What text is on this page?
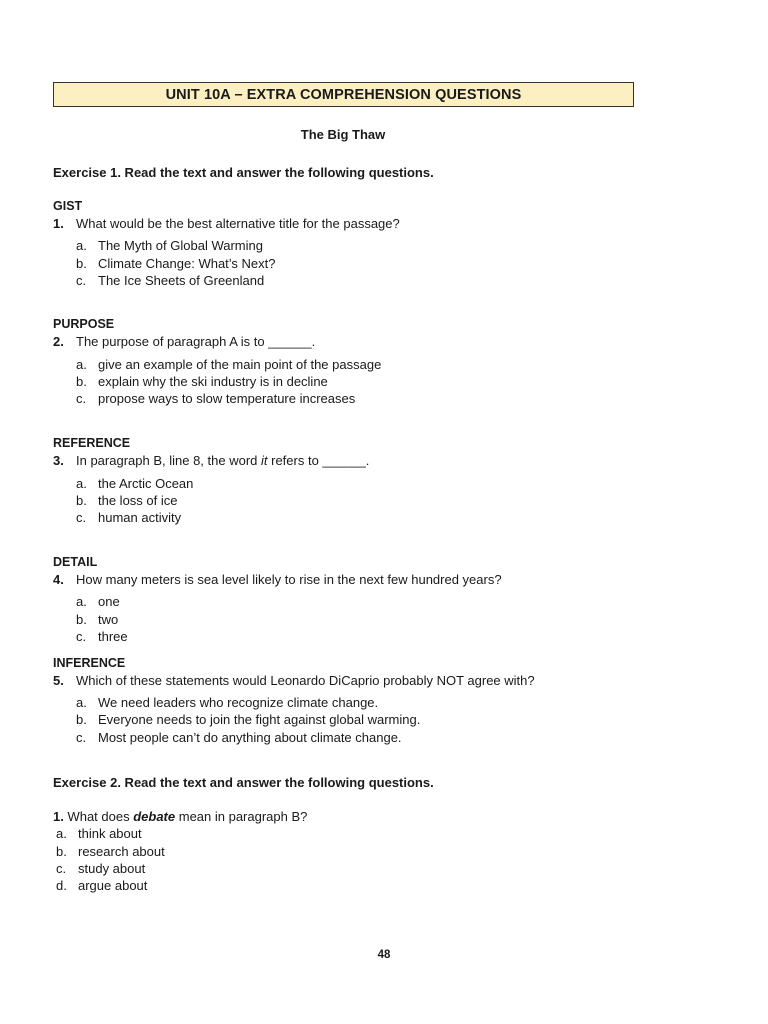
UNIT 10A – EXTRA COMPREHENSION QUESTIONS
The Big Thaw
Exercise 1. Read the text and answer the following questions.
GIST
1. What would be the best alternative title for the passage?
a. The Myth of Global Warming
b. Climate Change: What’s Next?
c. The Ice Sheets of Greenland
PURPOSE
2. The purpose of paragraph A is to ______.
a. give an example of the main point of the passage
b. explain why the ski industry is in decline
c. propose ways to slow temperature increases
REFERENCE
3. In paragraph B, line 8, the word it refers to ______.
a. the Arctic Ocean
b. the loss of ice
c. human activity
DETAIL
4. How many meters is sea level likely to rise in the next few hundred years?
a. one
b. two
c. three
INFERENCE
5. Which of these statements would Leonardo DiCaprio probably NOT agree with?
a. We need leaders who recognize climate change.
b. Everyone needs to join the fight against global warming.
c. Most people can’t do anything about climate change.
Exercise 2. Read the text and answer the following questions.
1. What does debate mean in paragraph B?
a. think about
b. research about
c. study about
d. argue about
48
